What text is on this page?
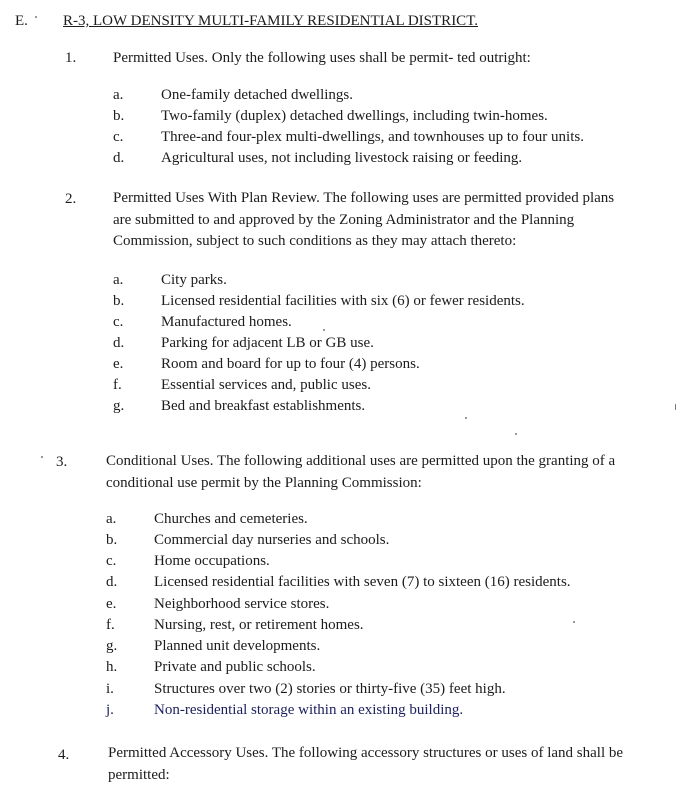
E. R-3, LOW DENSITY MULTI-FAMILY RESIDENTIAL DISTRICT.
1. Permitted Uses. Only the following uses shall be permit- ted outright:
a.	One-family detached dwellings.
b. Two-family (duplex) detached dwellings, including twin-homes.
c.	Three-and four-plex multi-dwellings, and townhouses up to four units.
d. Agricultural uses, not including livestock raising or feeding.
2. Permitted Uses With Plan Review. The following uses are permitted provided plans are submitted to and approved by the Zoning Administrator and the Planning Commission, subject to such conditions as they may attach thereto:
a.	City parks.
b. Licensed residential facilities with six (6) or fewer residents.
c.	Manufactured homes.
d. Parking for adjacent LB or GB use.
e.	Room and board for up to four (4) persons.
f.	Essential services and, public uses.
g. Bed and breakfast establishments.
3.	Conditional Uses. The following additional uses are permitted upon the granting of a conditional use permit by the Planning Commission:
a.	Churches and cemeteries.
b. Commercial day nurseries and schools.
c.	Home occupations.
d. Licensed residential facilities with seven (7) to sixteen (16) residents.
e.	Neighborhood service stores.
f.	Nursing, rest, or retirement homes.
g. Planned unit developments.
h. Private and public schools.
i.	Structures over two (2) stories or thirty-five (35) feet high.
j.	Non-residential storage within an existing building.
4.	Permitted Accessory Uses. The following accessory structures or uses of land shall be permitted:
